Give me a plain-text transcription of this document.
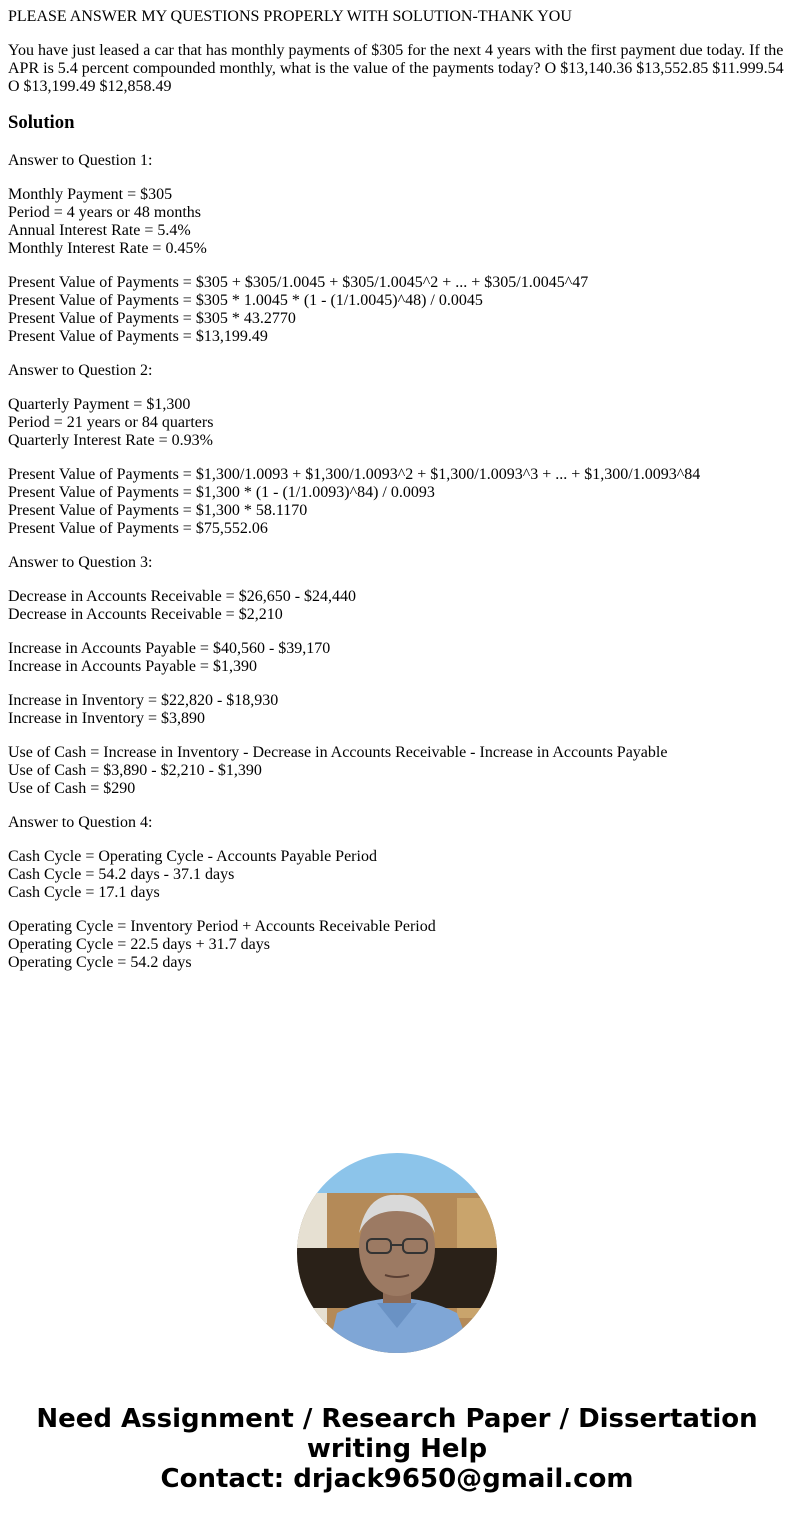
PLEASE ANSWER MY QUESTIONS PROPERLY WITH SOLUTION-THANK YOU

You have just leased a car that has monthly payments of $305 for the next 4 years with the first payment due today. If the APR is 5.4 percent compounded monthly, what is the value of the payments today? O $13,140.36 $13,552.85 $11.999.54 O $13,199.49 $12,858.49

Solution

Answer to Question 1:

Monthly Payment = $305
Period = 4 years or 48 months
Annual Interest Rate = 5.4%
Monthly Interest Rate = 0.45%

Present Value of Payments = $305 + $305/1.0045 + $305/1.0045^2 + ... + $305/1.0045^47
Present Value of Payments = $305 * 1.0045 * (1 - (1/1.0045)^48) / 0.0045
Present Value of Payments = $305 * 43.2770
Present Value of Payments = $13,199.49

Answer to Question 2:

Quarterly Payment = $1,300
Period = 21 years or 84 quarters
Quarterly Interest Rate = 0.93%

Present Value of Payments = $1,300/1.0093 + $1,300/1.0093^2 + $1,300/1.0093^3 + ... + $1,300/1.0093^84
Present Value of Payments = $1,300 * (1 - (1/1.0093)^84) / 0.0093
Present Value of Payments = $1,300 * 58.1170
Present Value of Payments = $75,552.06

Answer to Question 3:

Decrease in Accounts Receivable = $26,650 - $24,440
Decrease in Accounts Receivable = $2,210

Increase in Accounts Payable = $40,560 - $39,170
Increase in Accounts Payable = $1,390

Increase in Inventory = $22,820 - $18,930
Increase in Inventory = $3,890

Use of Cash = Increase in Inventory - Decrease in Accounts Receivable - Increase in Accounts Payable
Use of Cash = $3,890 - $2,210 - $1,390
Use of Cash = $290

Answer to Question 4:

Cash Cycle = Operating Cycle - Accounts Payable Period
Cash Cycle = 54.2 days - 37.1 days
Cash Cycle = 17.1 days

Operating Cycle = Inventory Period + Accounts Receivable Period
Operating Cycle = 22.5 days + 31.7 days
Operating Cycle = 54.2 days

Need Assignment / Research Paper / Dissertation
writing Help
Contact: drjack9650@gmail.com
